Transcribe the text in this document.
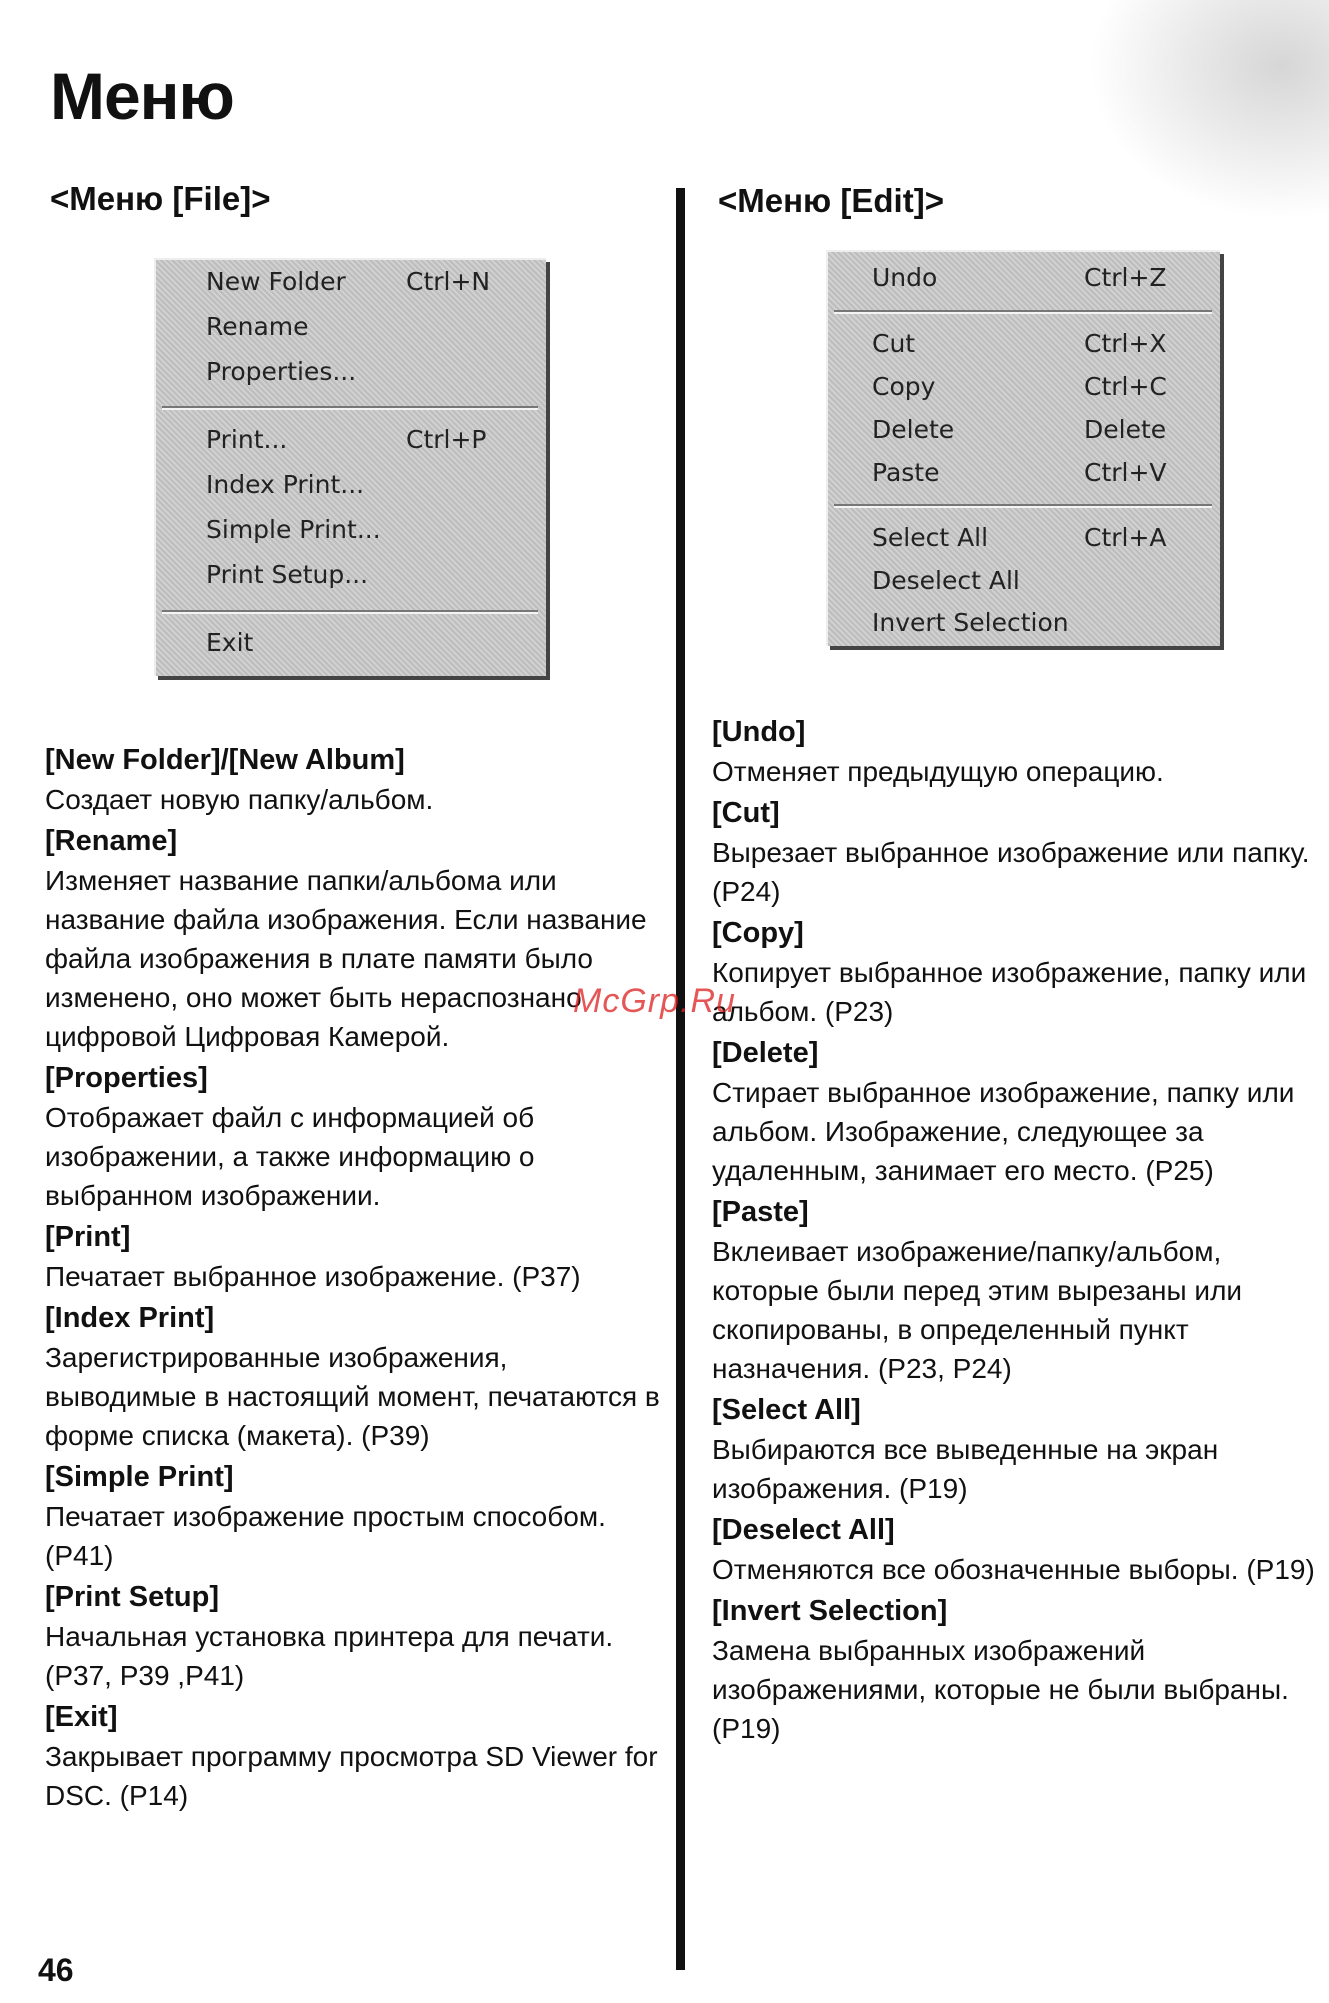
Меню
<Меню [File]>
New Folder Ctrl+N
Rename
Properties...
Print...	Ctrl+P
Index Print...
Simple Print...
Print Setup...
Exit
[New Folder]/[New Album]
Создает новую папку/альбом.
[Rename]
Изменяет название папки/альбома или название файла изображения. Если название файла изображения в плате памяти было изменено, оно может быть нераспознано цифровой Цифровая Камерой.
[Properties]
Отображает файл с информацией об изображении, а также информацию о выбранном изображении.
[Print]
Печатает выбранное изображение. (P37)
[Index Print]
Зарегистрированные изображения, выводимые в настоящий момент, печатаются в форме списка (макета). (P39)
[Simple Print]
Печатает изображение простым способом. (P41)
[Print Setup]
Начальная установка принтера для печати. (P37, P39 ,P41)
[Exit]
Закрывает программу просмотра SD Viewer for DSC. (P14)
<Меню [Edit]>
Undo	Ctrl+Z
Cut	Ctrl+X
Copy	Ctrl+C
Delete	Delete
Paste	Ctrl+V
Select All	Ctrl+A
Deselect All
Invert Selection
[Undo]
Отменяет предыдущую операцию.
[Cut]
Вырезает выбранное изображение или папку. (P24)
[Copy]
Копирует выбранное изображение, папку или альбом. (P23)
[Delete]
Стирает выбранное изображение, папку или альбом. Изображение, следующее за удаленным, занимает его место. (P25)
[Paste]
Вклеивает изображение/папку/альбом, которые были перед этим вырезаны или скопированы, в определенный пункт назначения. (P23, P24)
[Select All]
Выбираются все выведенные на экран изображения. (P19)
[Deselect All]
Отменяются все обозначенные выборы. (P19)
[Invert Selection]
Замена выбранных изображений изображениями, которые не были выбраны. (P19)
McGrp.Ru
46
